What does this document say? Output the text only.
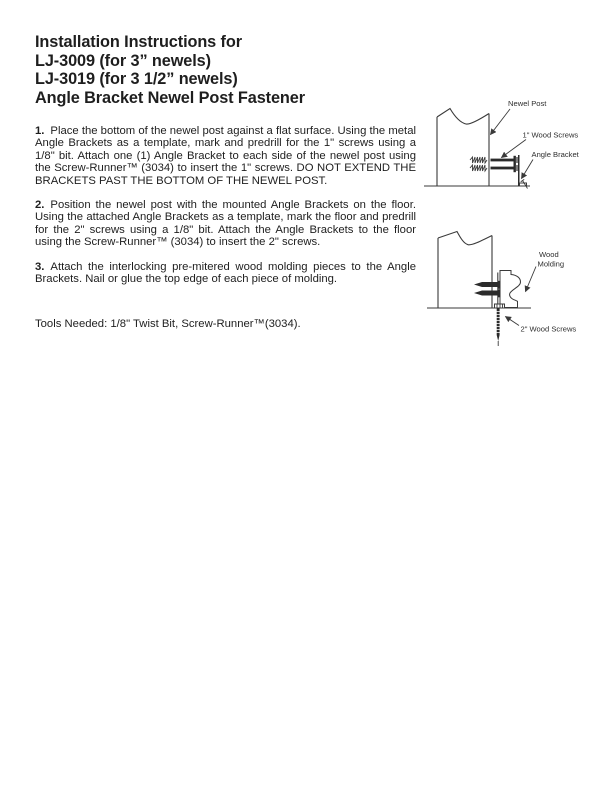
Installation Instructions for
LJ-3009 (for 3” newels)
LJ-3019 (for 3 1/2” newels)
Angle Bracket Newel Post Fastener

1. Place the bottom of the newel post against a flat surface. Using the metal Angle Brackets as a template, mark and predrill for the 1" screws using a 1/8" bit. Attach one (1) Angle Bracket to each side of the newel post using the Screw-Runner™ (3034) to insert the 1" screws. DO NOT EXTEND THE BRACKETS PAST THE BOTTOM OF THE NEWEL POST.

2. Position the newel post with the mounted Angle Brackets on the floor. Using the attached Angle Brackets as a template, mark the floor and predrill for the 2" screws using a 1/8" bit. Attach the Angle Brackets to the floor using the Screw-Runner™ (3034) to insert the 2" screws.

3. Attach the interlocking pre-mitered wood molding pieces to the Angle Brackets. Nail or glue the top edge of each piece of molding.

Tools Needed: 1/8" Twist Bit, Screw-Runner™(3034).

Newel Post
1" Wood Screws
Angle Bracket
Wood
Molding
2" Wood Screws
